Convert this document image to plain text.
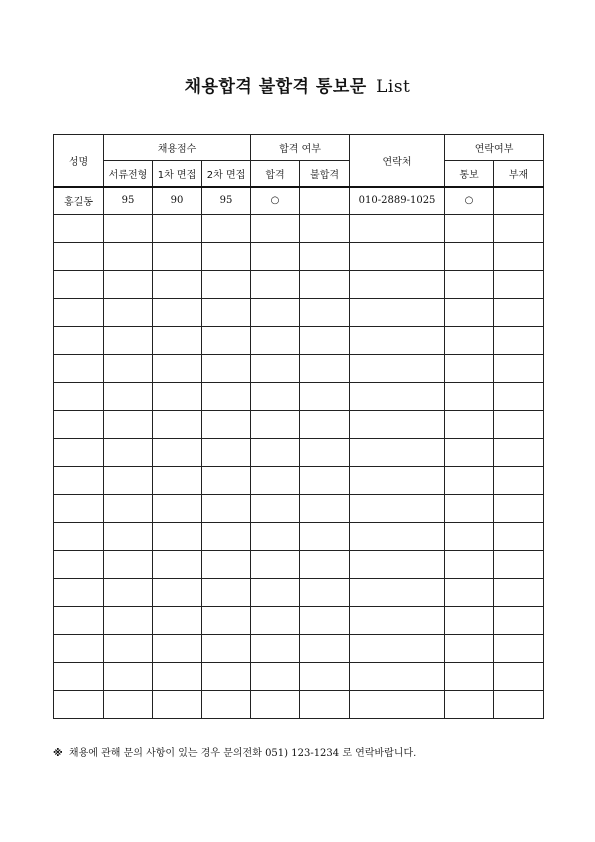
채용합격 불합격 통보문 List
성명	채용점수			합격 여부		연락처	연락여부	
	서류전형	1차 면접	2차 면접	합격	불합격		통보	부재
홍길동	95	90	95	○		010-2889-1025	○	

※ 채용에 관해 문의 사항이 있는 경우 문의전화 051) 123-1234 로 연락바랍니다.
